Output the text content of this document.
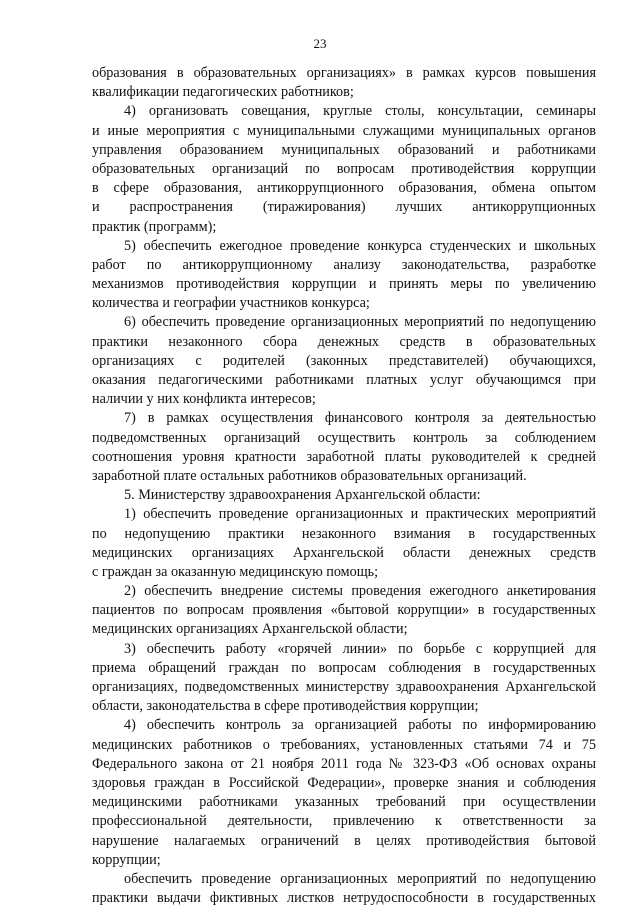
23
образования в образовательных организациях» в рамках курсов повышения
квалификации педагогических работников;
4) организовать совещания, круглые столы, консультации, семинары
и иные мероприятия с муниципальными служащими муниципальных органов
управления образованием муниципальных образований и работниками
образовательных организаций по вопросам противодействия коррупции
в сфере образования, антикоррупционного образования, обмена опытом
и распространения (тиражирования) лучших антикоррупционных
практик (программ);
5) обеспечить ежегодное проведение конкурса студенческих и школьных
работ по антикоррупционному анализу законодательства, разработке
механизмов противодействия коррупции и принять меры по увеличению
количества и географии участников конкурса;
6) обеспечить проведение организационных мероприятий по недопущению
практики незаконного сбора денежных средств в образовательных
организациях с родителей (законных представителей) обучающихся,
оказания педагогическими работниками платных услуг обучающимся при
наличии у них конфликта интересов;
7) в рамках осуществления финансового контроля за деятельностью
подведомственных организаций осуществить контроль за соблюдением
соотношения уровня кратности заработной платы руководителей к средней
заработной плате остальных работников образовательных организаций.
5. Министерству здравоохранения Архангельской области:
1) обеспечить проведение организационных и практических мероприятий
по недопущению практики незаконного взимания в государственных
медицинских организациях Архангельской области денежных средств
с граждан за оказанную медицинскую помощь;
2) обеспечить внедрение системы проведения ежегодного анкетирования
пациентов по вопросам проявления «бытовой коррупции» в государственных
медицинских организациях Архангельской области;
3) обеспечить работу «горячей линии» по борьбе с коррупцией для
приема обращений граждан по вопросам соблюдения в государственных
организациях, подведомственных министерству здравоохранения Архангельской
области, законодательства в сфере противодействия коррупции;
4) обеспечить контроль за организацией работы по информированию
медицинских работников о требованиях, установленных статьями 74 и 75
Федерального закона от 21 ноября 2011 года № 323-ФЗ «Об основах охраны
здоровья граждан в Российской Федерации», проверке знания и соблюдения
медицинскими работниками указанных требований при осуществлении
профессиональной деятельности, привлечению к ответственности за
нарушение налагаемых ограничений в целях противодействия бытовой
коррупции;
обеспечить проведение организационных мероприятий по недопущению
практики выдачи фиктивных листков нетрудоспособности в государственных
